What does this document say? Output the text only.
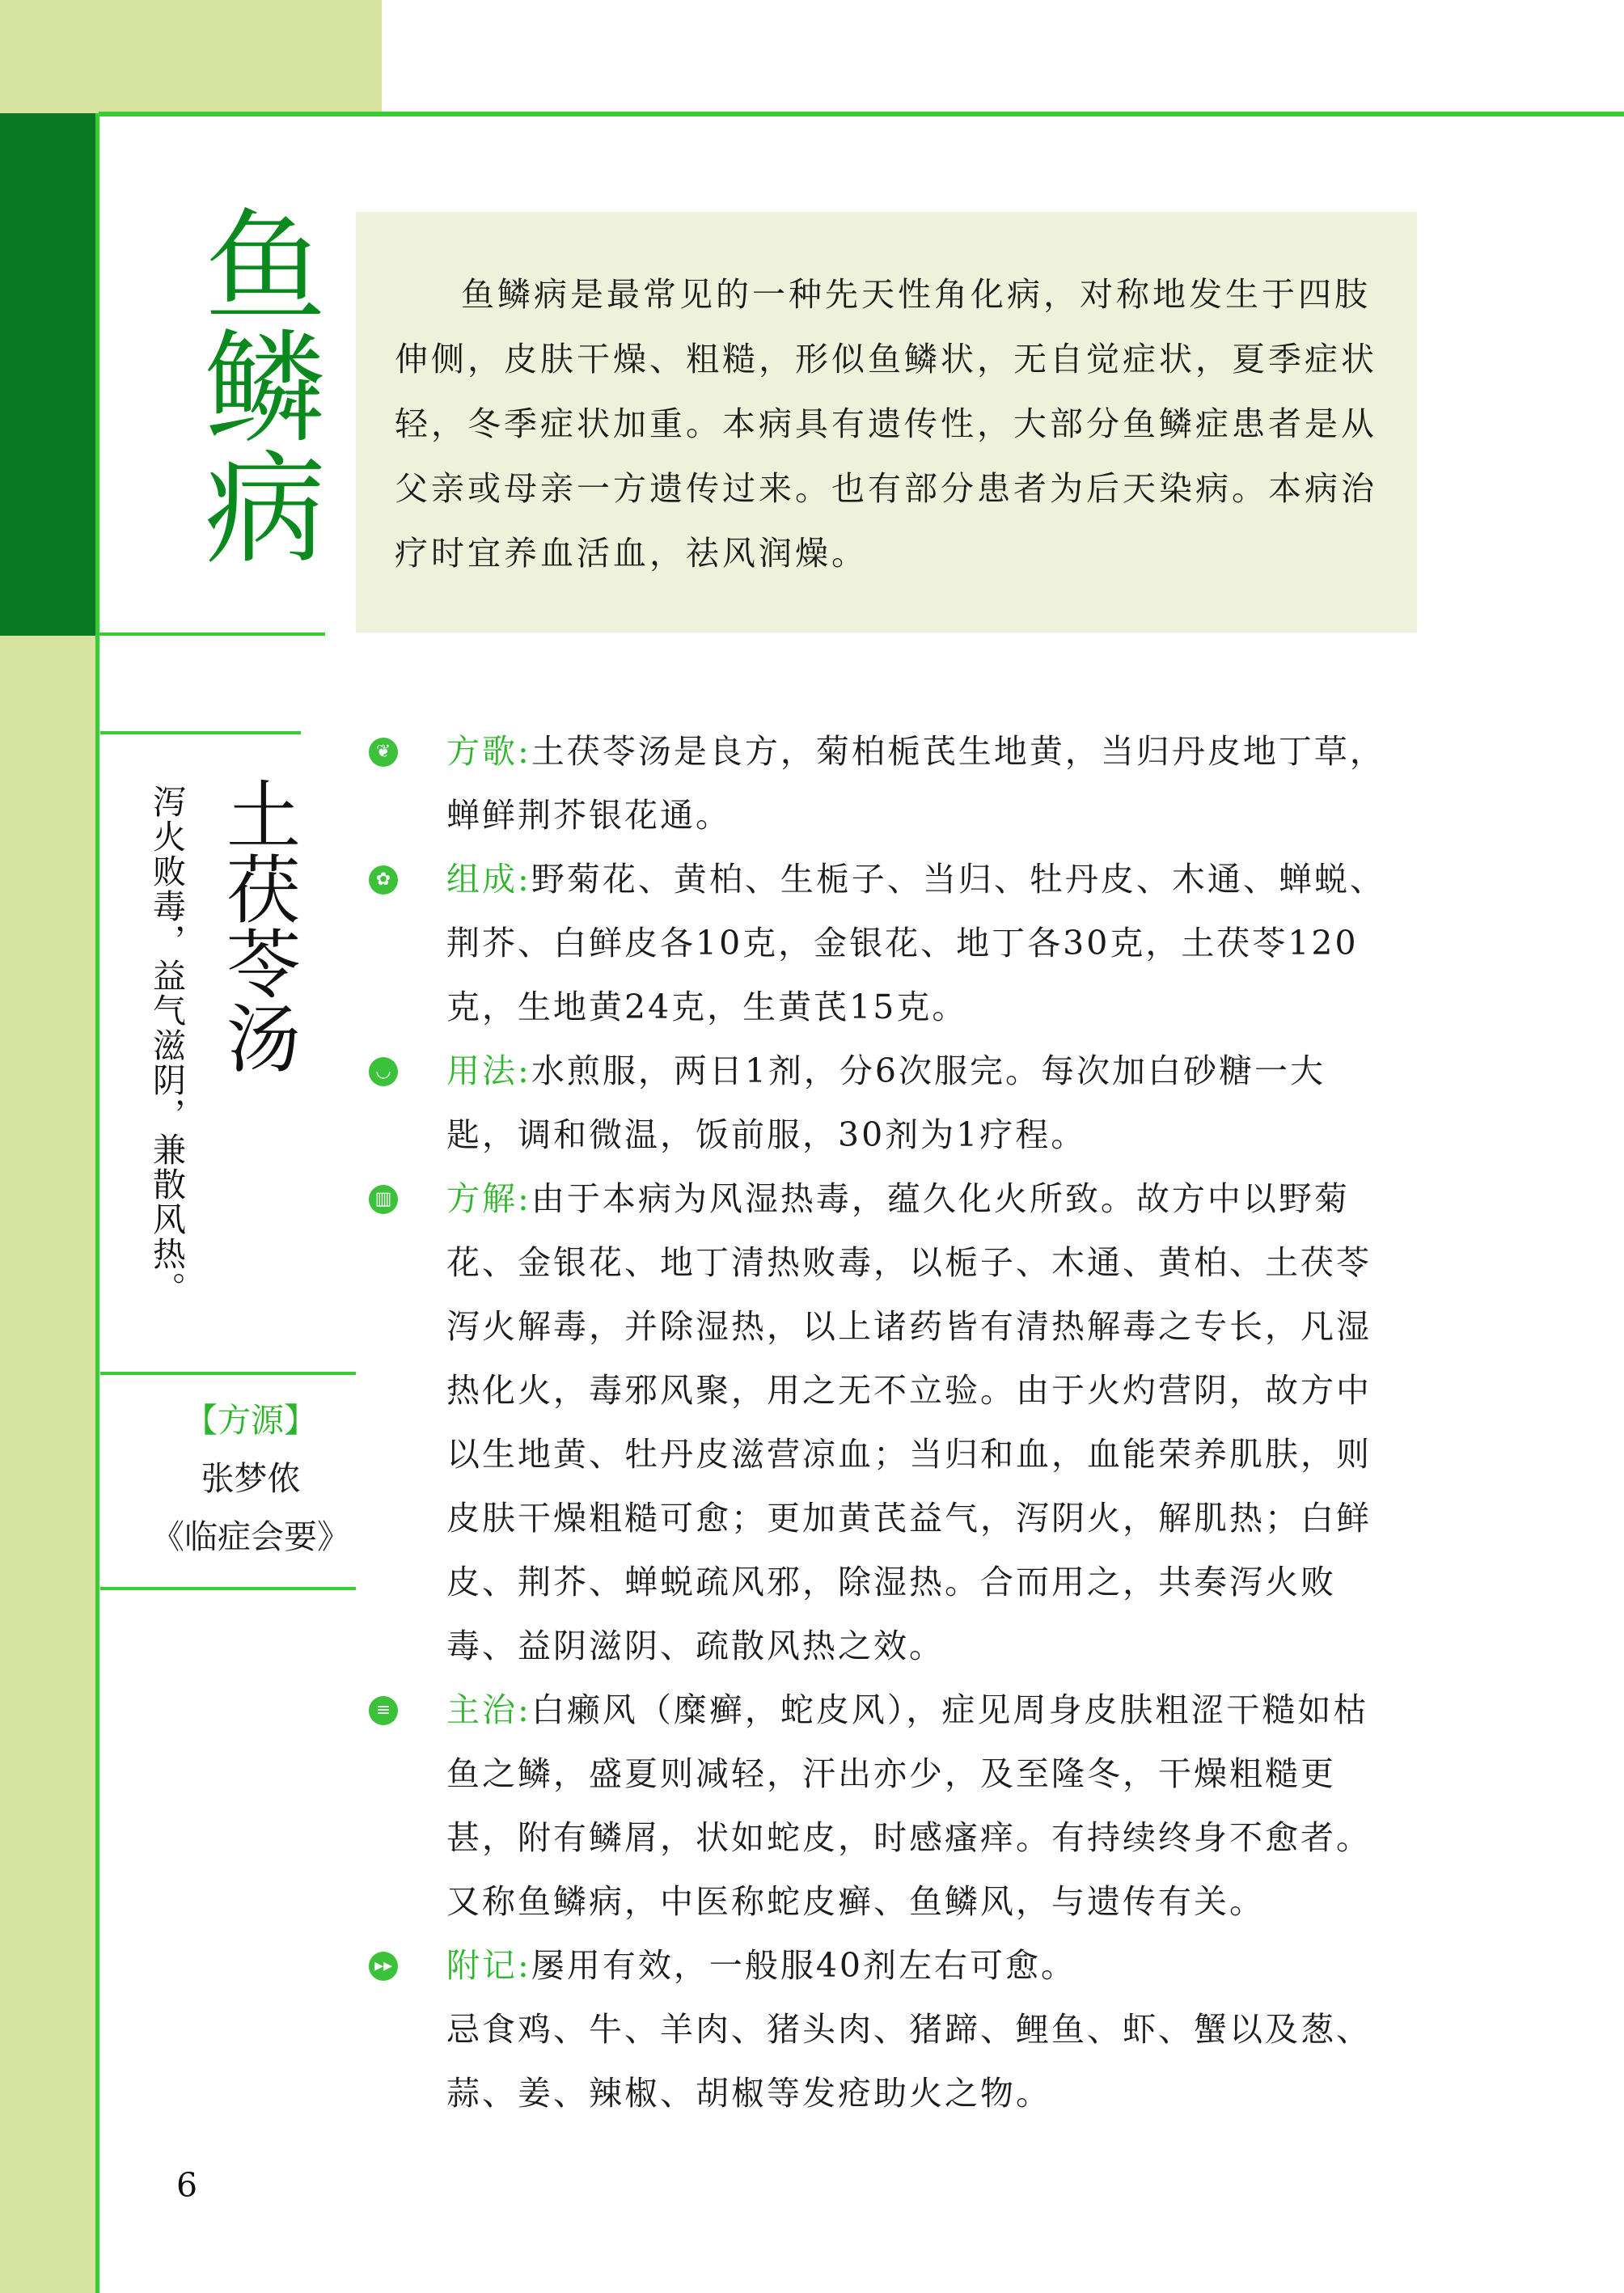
鱼鳞病	鱼鳞病是最常见的一种先天性角化病，对称地发生于四肢伸侧，皮肤干燥、粗糙，形似鱼鳞状，无自觉症状，夏季症状轻，冬季症状加重。本病具有遗传性，大部分鱼鳞症患者是从父亲或母亲一方遗传过来。也有部分患者为后天染病。本病治疗时宜养血活血，祛风润燥。

土茯苓汤
泻火败毒，益气滋阴，兼散风热。
【方源】
张梦侬
《临症会要》
❦	方歌:土茯苓汤是良方，菊柏栀芪生地黄，当归丹皮地丁草，蝉鲜荆芥银花通。

✿	组成:野菊花、黄柏、生栀子、当归、牡丹皮、木通、蝉蜕、荆芥、白鲜皮各10克，金银花、地丁各30克，土茯苓120克，生地黄24克，生黄芪15克。

◡	用法:水煎服，两日1剂，分6次服完。每次加白砂糖一大匙，调和微温，饭前服，30剂为1疗程。

▥	方解:由于本病为风湿热毒，蕴久化火所致。故方中以野菊花、金银花、地丁清热败毒，以栀子、木通、黄柏、土茯苓泻火解毒，并除湿热，以上诸药皆有清热解毒之专长，凡湿热化火，毒邪风聚，用之无不立验。由于火灼营阴，故方中以生地黄、牡丹皮滋营凉血；当归和血，血能荣养肌肤，则皮肤干燥粗糙可愈；更加黄芪益气，泻阴火，解肌热；白鲜皮、荆芥、蝉蜕疏风邪，除湿热。合而用之，共奏泻火败毒、益阴滋阴、疏散风热之效。

≡	主治:白癞风（糜癣，蛇皮风），症见周身皮肤粗涩干糙如枯鱼之鳞，盛夏则减轻，汗出亦少，及至隆冬，干燥粗糙更甚，附有鳞屑，状如蛇皮，时感瘙痒。有持续终身不愈者。又称鱼鳞病，中医称蛇皮癣、鱼鳞风，与遗传有关。

▸▸	附记:屡用有效，一般服40剂左右可愈。

忌食鸡、牛、羊肉、猪头肉、猪蹄、鲤鱼、虾、蟹以及葱、蒜、姜、辣椒、胡椒等发疮助火之物。

6
